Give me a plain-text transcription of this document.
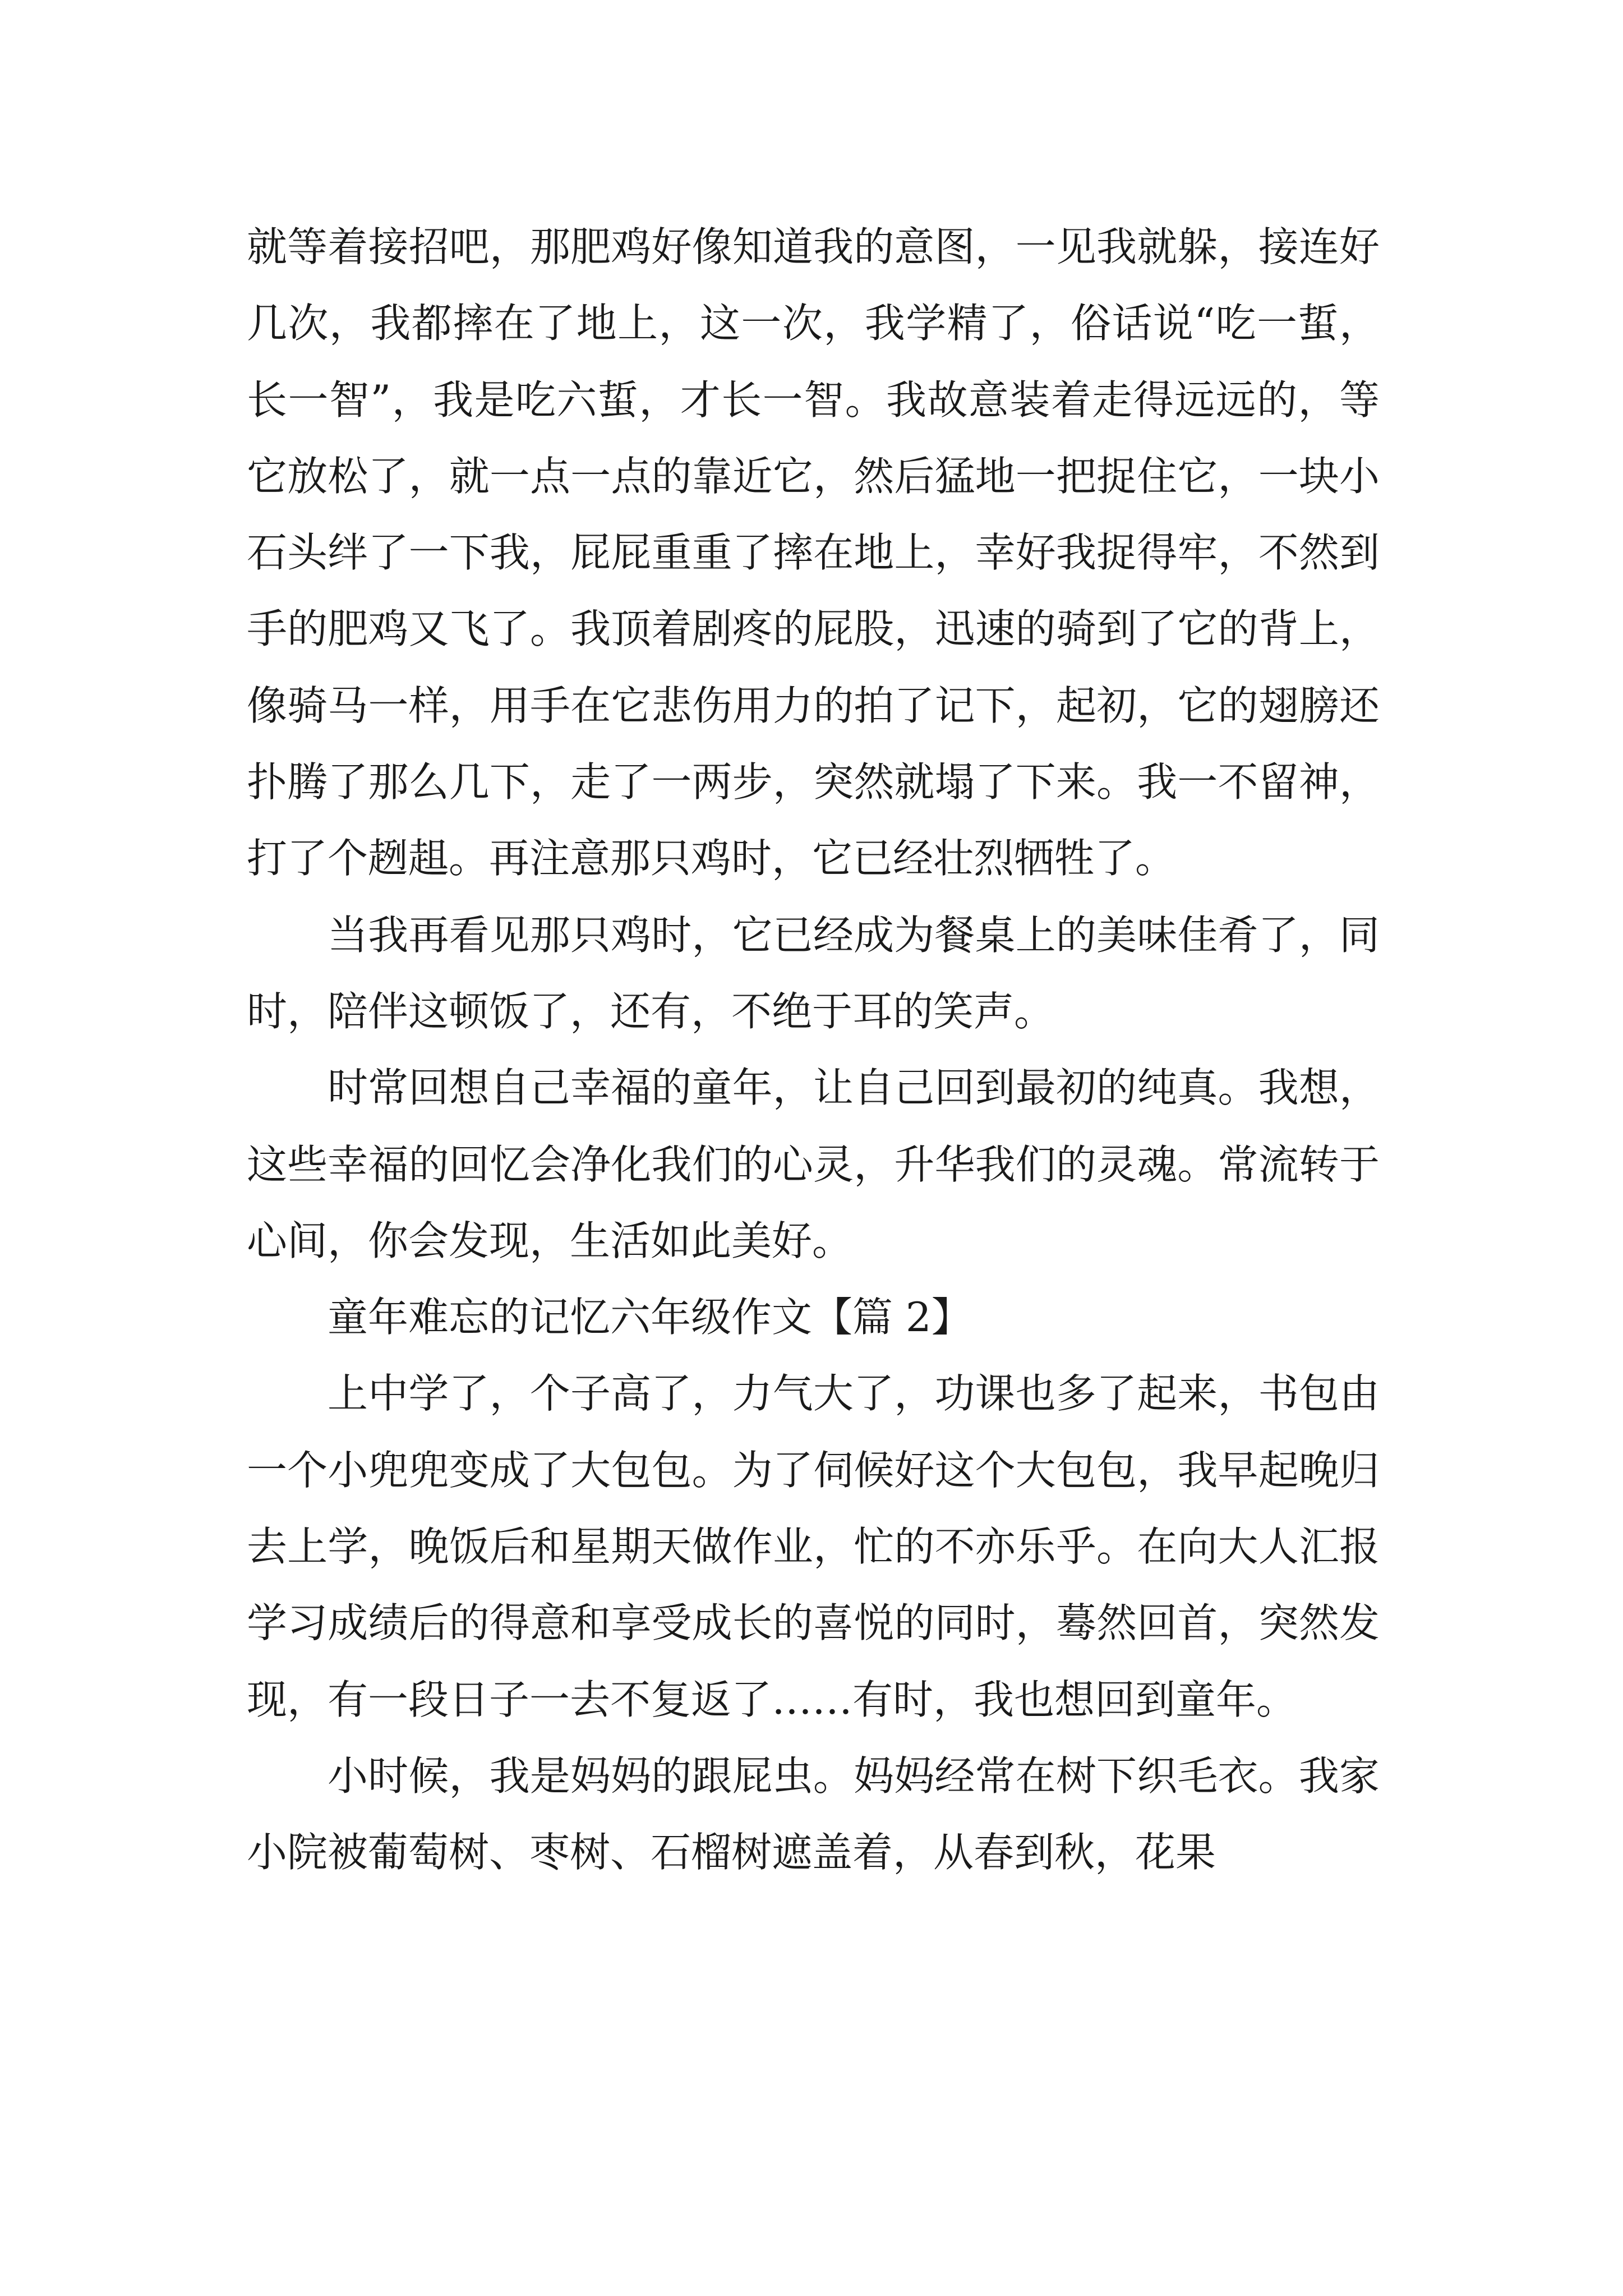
就等着接招吧，那肥鸡好像知道我的意图，一见我就躲，接连好几次，我都摔在了地上，这一次，我学精了，俗话说“吃一蜇，长一智”，我是吃六蜇，才长一智。我故意装着走得远远的，等它放松了，就一点一点的靠近它，然后猛地一把捉住它，一块小石头绊了一下我，屁屁重重了摔在地上，幸好我捉得牢，不然到手的肥鸡又飞了。我顶着剧疼的屁股，迅速的骑到了它的背上，像骑马一样，用手在它悲伤用力的拍了记下，起初，它的翅膀还扑腾了那么几下，走了一两步，突然就塌了下来。我一不留神，打了个趔趄。再注意那只鸡时，它已经壮烈牺牲了。

当我再看见那只鸡时，它已经成为餐桌上的美味佳肴了，同时，陪伴这顿饭了，还有，不绝于耳的笑声。

时常回想自己幸福的童年，让自己回到最初的纯真。我想，这些幸福的回忆会净化我们的心灵，升华我们的灵魂。常流转于心间，你会发现，生活如此美好。

童年难忘的记忆六年级作文【篇 2】

上中学了，个子高了，力气大了，功课也多了起来，书包由一个小兜兜变成了大包包。为了伺候好这个大包包，我早起晚归去上学，晚饭后和星期天做作业，忙的不亦乐乎。在向大人汇报学习成绩后的得意和享受成长的喜悦的同时，蓦然回首，突然发现，有一段日子一去不复返了……有时，我也想回到童年。

小时候，我是妈妈的跟屁虫。妈妈经常在树下织毛衣。我家小院被葡萄树、枣树、石榴树遮盖着，从春到秋，花果
